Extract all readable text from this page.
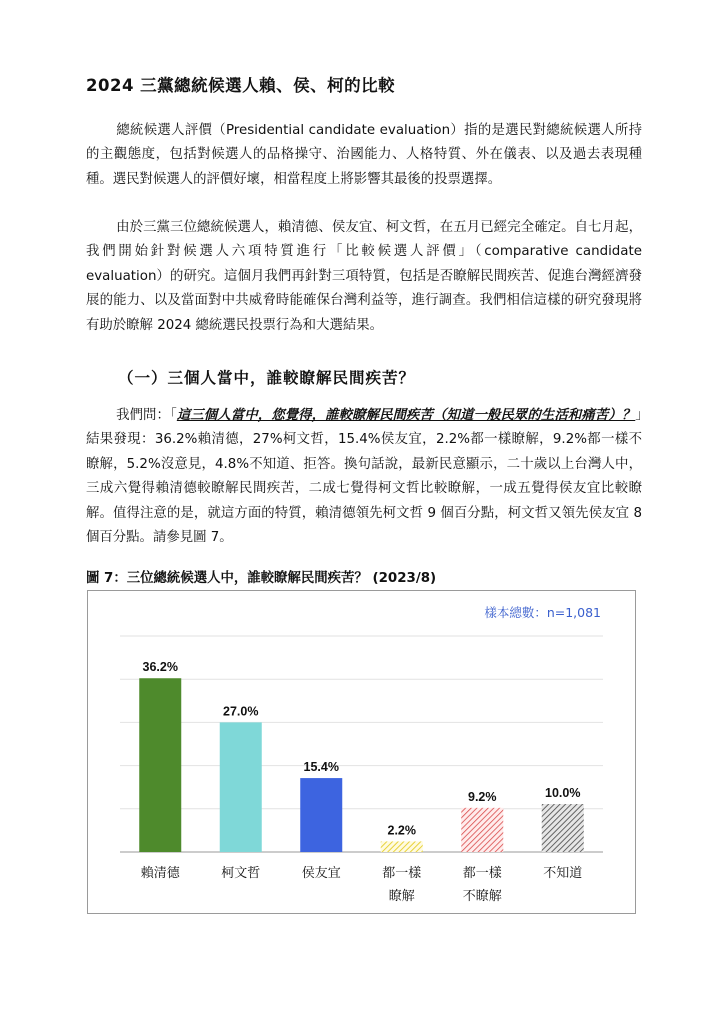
2024 三黨總統候選人賴、侯、柯的比較

總統候選人評價（Presidential candidate evaluation）指的是選民對總統候選人所持的主觀態度，包括對候選人的品格操守、治國能力、人格特質、外在儀表、以及過去表現種種。選民對候選人的評價好壞，相當程度上將影響其最後的投票選擇。

由於三黨三位總統候選人，賴清德、侯友宜、柯文哲，在五月已經完全確定。自七月起，我們開始針對候選人六項特質進行「比較候選人評價」（comparative candidate evaluation）的研究。這個月我們再針對三項特質，包括是否瞭解民間疾苦、促進台灣經濟發展的能力、以及當面對中共威脅時能確保台灣利益等，進行調查。我們相信這樣的研究發現將有助於瞭解 2024 總統選民投票行為和大選結果。

（一）三個人當中，誰較瞭解民間疾苦？

我們問：「這三個人當中，您覺得，誰較瞭解民間疾苦（知道一般民眾的生活和痛苦）？」結果發現：36.2%賴清德，27%柯文哲，15.4%侯友宜，2.2%都一樣瞭解，9.2%都一樣不瞭解，5.2%沒意見，4.8%不知道、拒答。換句話說，最新民意顯示，二十歲以上台灣人中，三成六覺得賴清德較瞭解民間疾苦，二成七覺得柯文哲比較瞭解，一成五覺得侯友宜比較瞭解。值得注意的是，就這方面的特質，賴清德領先柯文哲 9 個百分點，柯文哲又領先侯友宜 8 個百分點。請參見圖 7。

圖 7：三位總統候選人中，誰較瞭解民間疾苦？ (2023/8)
樣本總數：n=1,081
36.2%
27.0%
15.4%
2.2%
9.2%	10.0%
賴清德	柯文哲	侯友宜	都一樣
瞭解
都一樣
不瞭解
不知道
